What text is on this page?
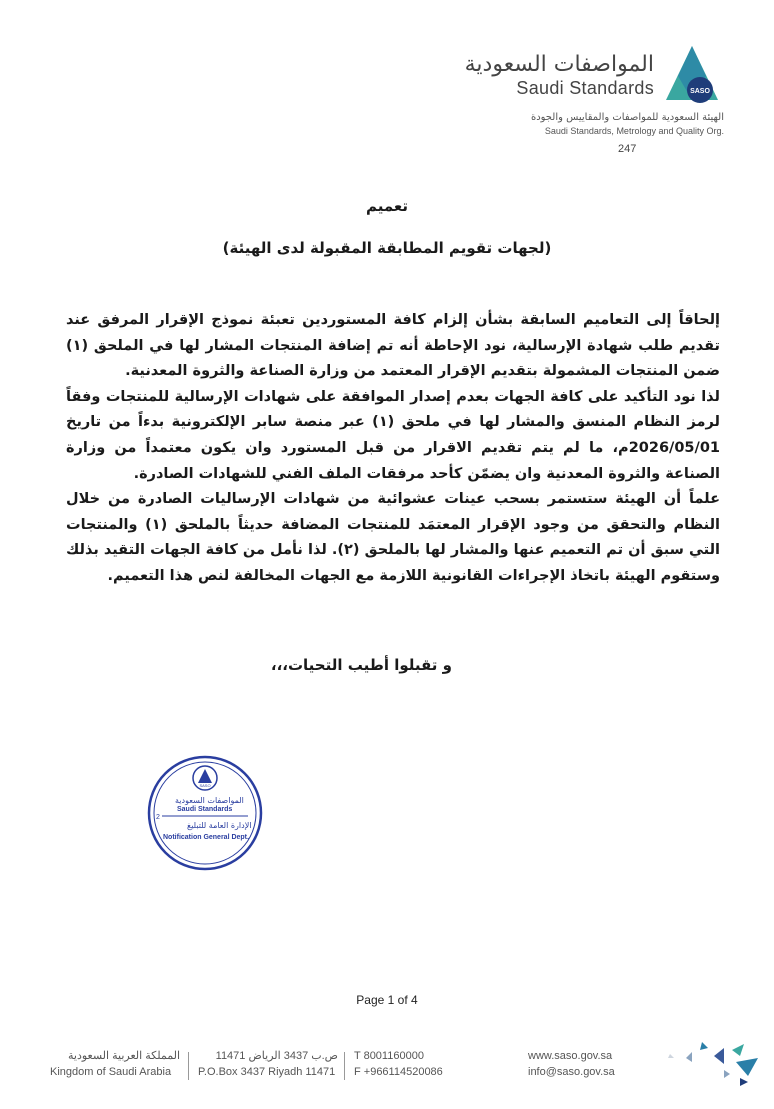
المواصفات السعودية
Saudi Standards	SASO
الهيئة السعودية للمواصفات والمقاييس والجودة
Saudi Standards, Metrology and Quality Org.
247
تعميم
(لجهات تقويم المطابقة المقبولة لدى الهيئة)

إلحاقاً إلى التعاميم السابقة بشأن إلزام كافة المستوردين تعبئة نموذج الإقرار المرفق عند تقديم طلب شهادة الإرسالية، نود الإحاطة أنه تم إضافة المنتجات المشار لها في الملحق (١) ضمن المنتجات المشمولة بتقديم الإقرار المعتمد من وزارة الصناعة والثروة المعدنية.

لذا نود التأكيد على كافة الجهات بعدم إصدار الموافقة على شهادات الإرسالية للمنتجات وفقاً لرمز النظام المنسق والمشار لها في ملحق (١) عبر منصة سابر الإلكترونية بدءاً من تاريخ 2026/05/01م، ما لم يتم تقديم الاقرار من قبل المستورد وان يكون معتمداً من وزارة الصناعة والثروة المعدنية وان يضمّن كأحد مرفقات الملف الفني للشهادات الصادرة.

علماً أن الهيئة ستستمر بسحب عينات عشوائية من شهادات الإرساليات الصادرة من خلال النظام والتحقق من وجود الإقرار المعتمَد للمنتجات المضافة حديثاً بالملحق (١) والمنتجات التي سبق أن تم التعميم عنها والمشار لها بالملحق (٢). لذا نأمل من كافة الجهات التقيد بذلك وستقوم الهيئة باتخاذ الإجراءات القانونية اللازمة مع الجهات المخالفة لنص هذا التعميم.

و تقبلوا أطيب التحيات،،،
SASO
المواصفات السعودية
Saudi Standards
2
الإدارة العامة للتبليغ
Notification General Dept.
Page 1 of 4
المملكة العربية السعودية
Kingdom of Saudi Arabia
ص.ب 3437 الرياض 11471
P.O.Box 3437 Riyadh 11471
T 8001160000
F +966114520086
www.saso.gov.sa
info@saso.gov.sa
